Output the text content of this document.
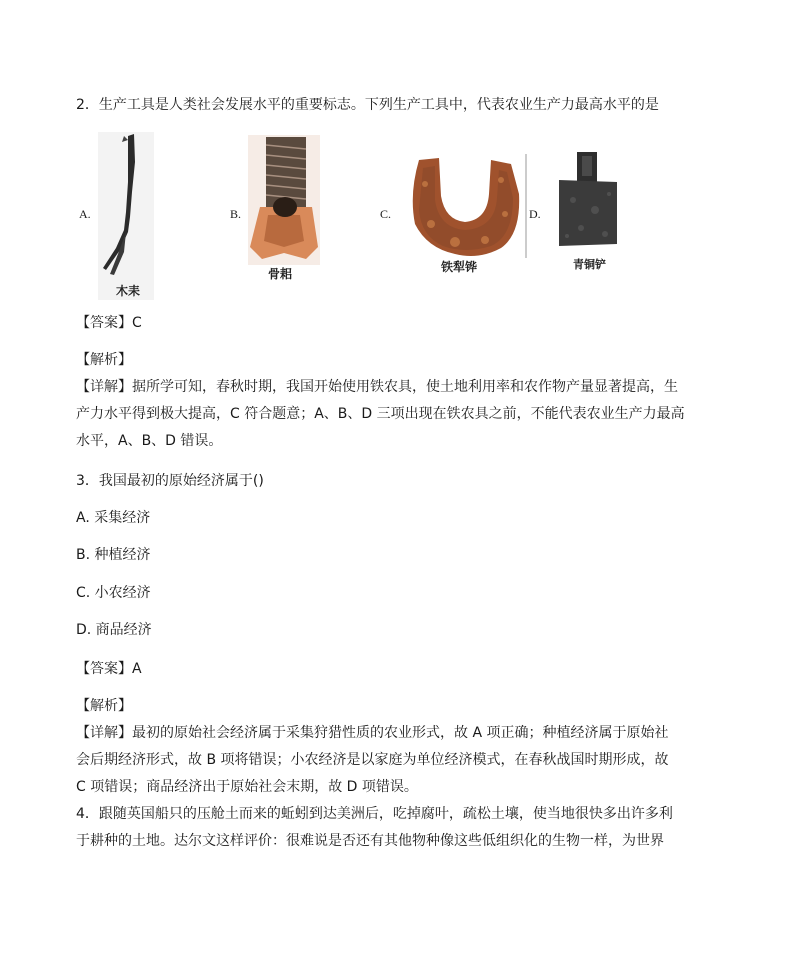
2．生产工具是人类社会发展水平的重要标志。下列生产工具中，代表农业生产力最高水平的是
A.	B.	C.	D.
木耒
骨耜	铁犁铧	青铜铲
【答案】C
【解析】
【详解】据所学可知，春秋时期，我国开始使用铁农具，使土地利用率和农作物产量显著提高，生
产力水平得到极大提高，C 符合题意；A、B、D 三项出现在铁农具之前，不能代表农业生产力最高
水平，A、B、D 错误。
3．我国最初的原始经济属于()
A. 采集经济
B. 种植经济
C. 小农经济
D. 商品经济
【答案】A
【解析】
【详解】最初的原始社会经济属于采集狩猎性质的农业形式，故 A 项正确；种植经济属于原始社
会后期经济形式，故 B 项将错误；小农经济是以家庭为单位经济模式，在春秋战国时期形成，故
C 项错误；商品经济出于原始社会末期，故 D 项错误。
4．跟随英国船只的压舱土而来的蚯蚓到达美洲后，吃掉腐叶，疏松土壤，使当地很快多出许多利
于耕种的土地。达尔文这样评价：很难说是否还有其他物种像这些低组织化的生物一样，为世界
